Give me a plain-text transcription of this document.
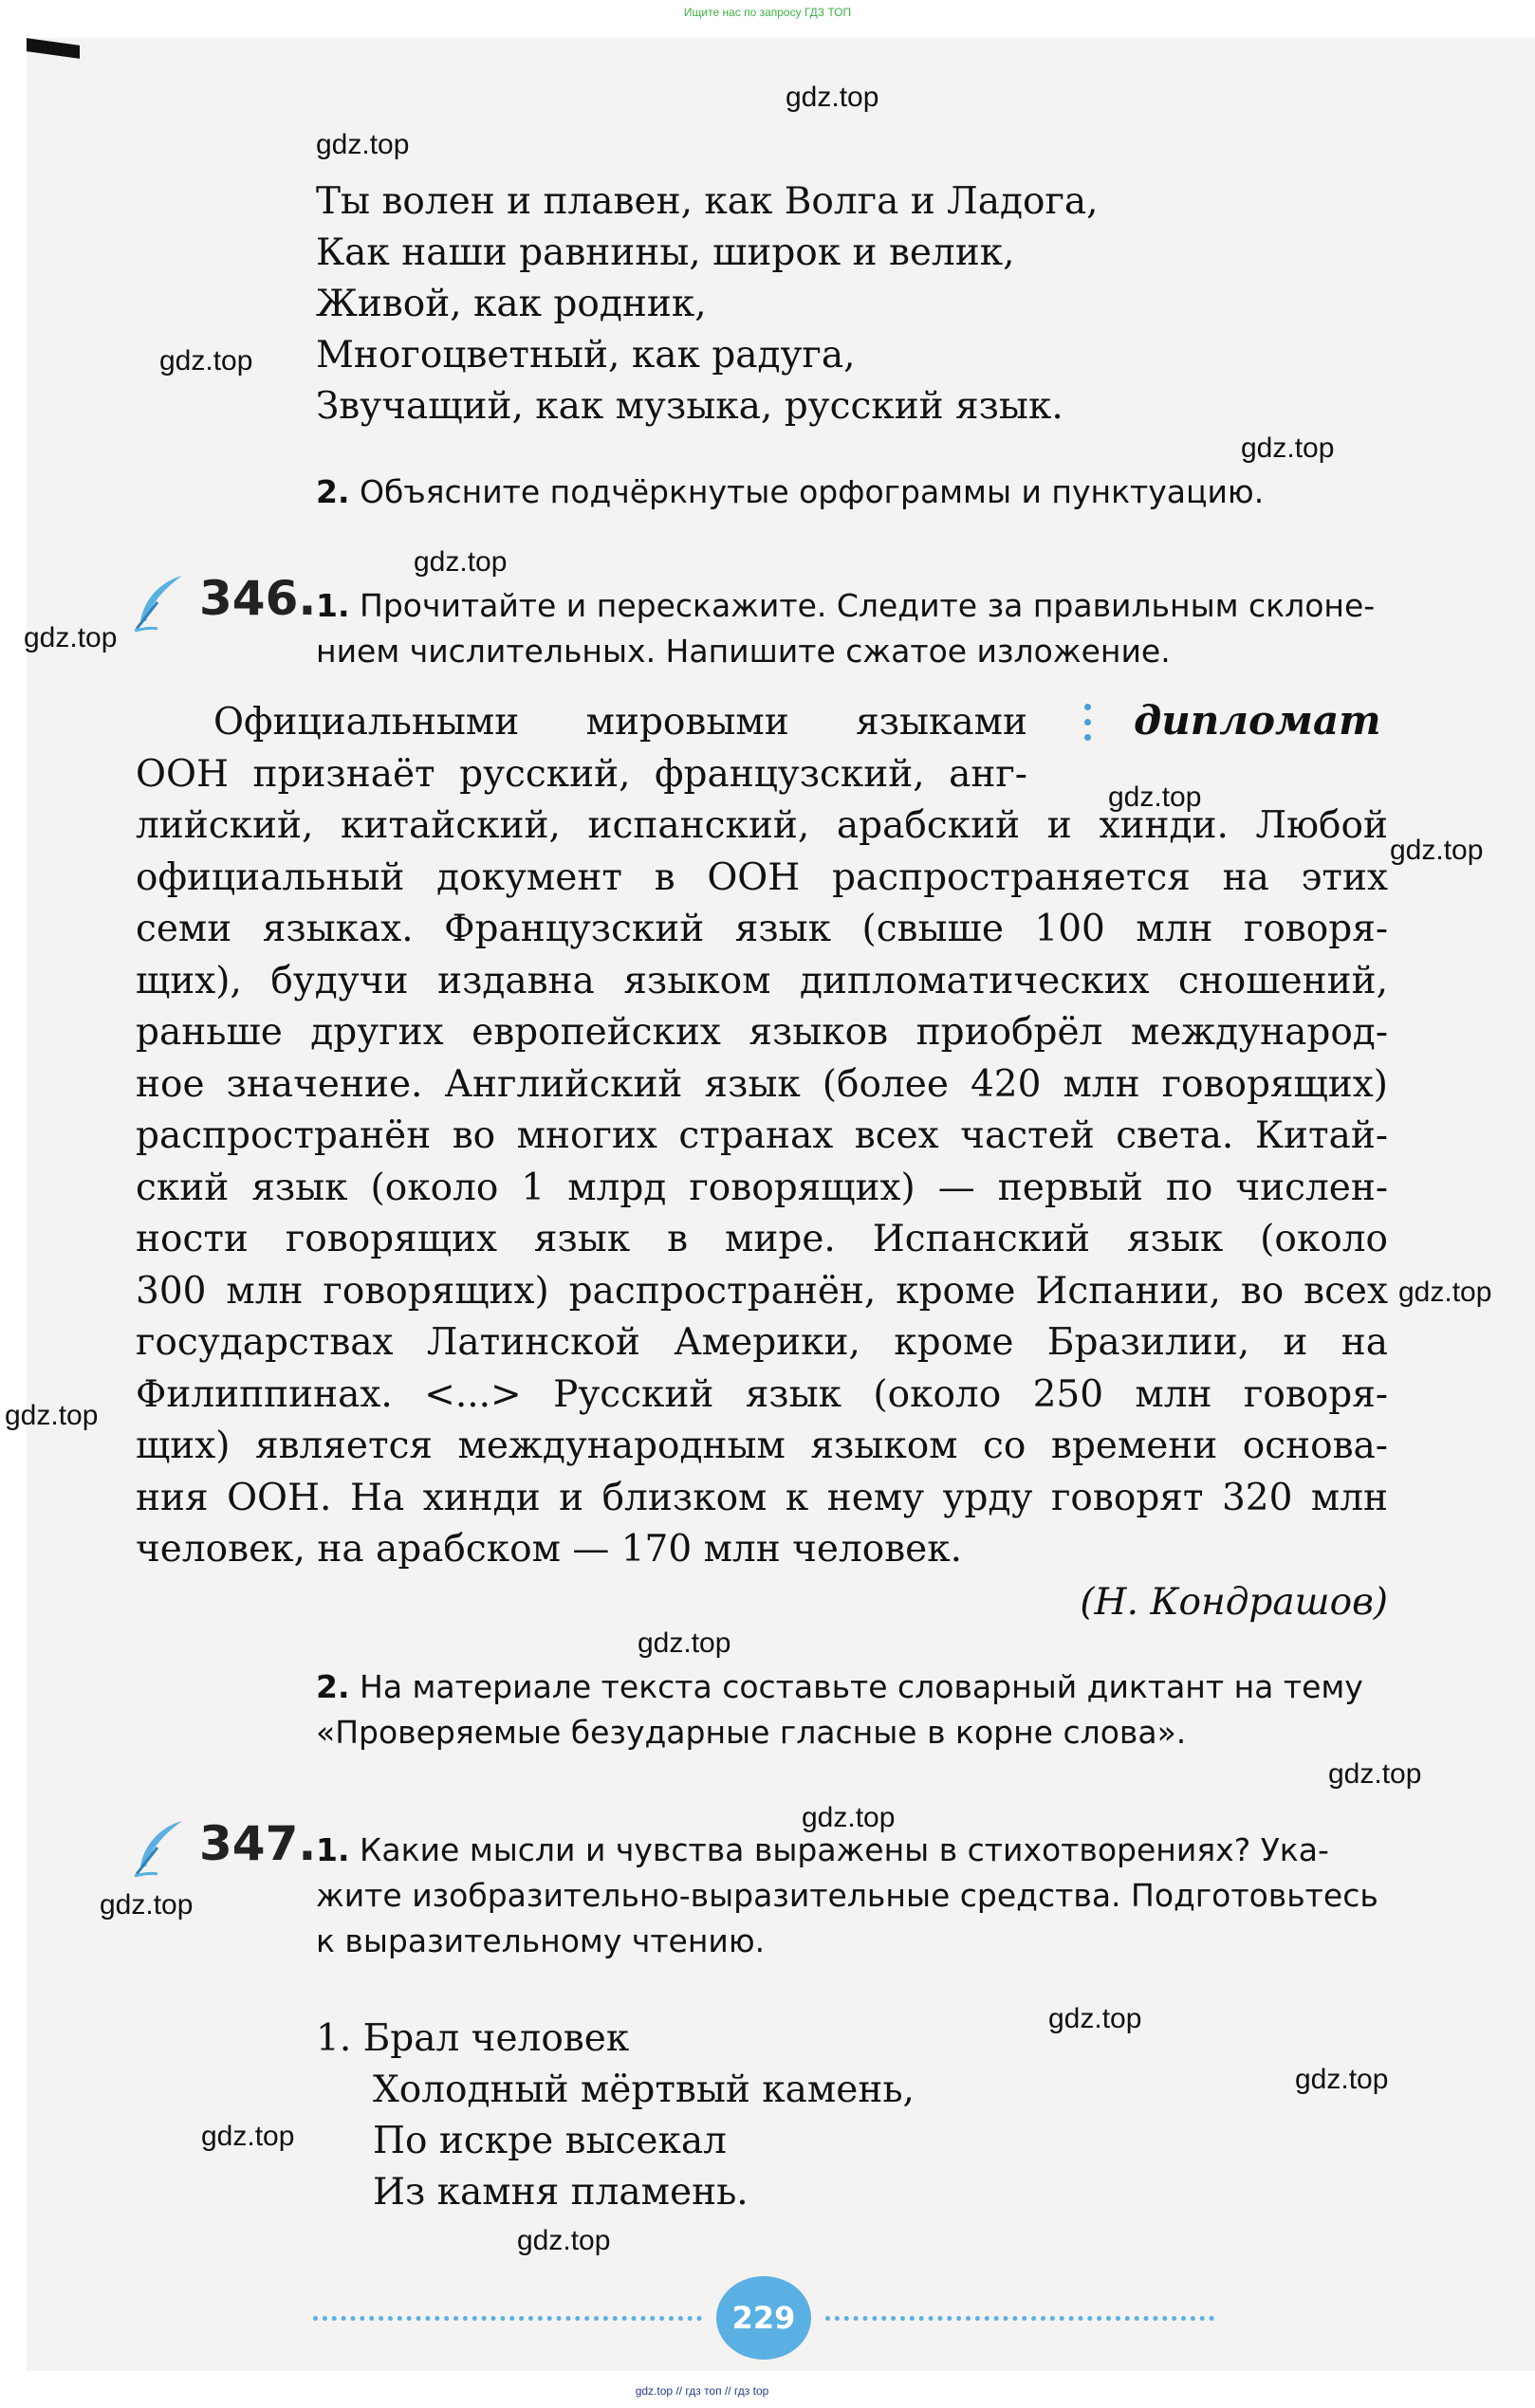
Ищите нас по запросу ГДЗ ТОП
Ты волен и плавен, как Волга и Ладога,
Как наши равнины, широк и велик,
Живой, как родник,
Многоцветный, как радуга,
Звучащий, как музыка, русский язык.
2. Объясните подчёркнутые орфограммы и пунктуацию.
346. 1. Прочитайте и перескажите. Следите за правильным склоне-
нием числительных. Напишите сжатое изложение.
дипломат
Официальными мировыми языками
ООН признаёт русский, французский, анг-
лийский, китайский, испанский, арабский и хинди. Любой
официальный документ в ООН распространяется на этих
семи языках. Французский язык (свыше 100 млн говоря-
щих), будучи издавна языком дипломатических сношений,
раньше других европейских языков приобрёл международ-
ное значение. Английский язык (более 420 млн говорящих)
распространён во многих странах всех частей света. Китай-
ский язык (около 1 млрд говорящих) — первый по числен-
ности говорящих язык в мире. Испанский язык (около
300 млн говорящих) распространён, кроме Испании, во всех
государствах Латинской Америки, кроме Бразилии, и на
Филиппинах. <...> Русский язык (около 250 млн говоря-
щих) является международным языком со времени основа-
ния ООН. На хинди и близком к нему урду говорят 320 млн
человек, на арабском — 170 млн человек.
(Н. Кондрашов)
2. На материале текста составьте словарный диктант на тему
«Проверяемые безударные гласные в корне слова».
347. 1. Какие мысли и чувства выражены в стихотворениях? Ука-
жите изобразительно-выразительные средства. Подготовьтесь
к выразительному чтению.
1. Брал человек
Холодный мёртвый камень,
По искре высекал
Из камня пламень.
229
gdz.top
gdz.top
gdz.top
gdz.top
gdz.top
gdz.top
gdz.top
gdz.top
gdz.top
gdz.top
gdz.top
gdz.top
gdz.top
gdz.top
gdz.top
gdz.top
gdz.top
gdz.top
gdz.top // гдз топ // гдз top
